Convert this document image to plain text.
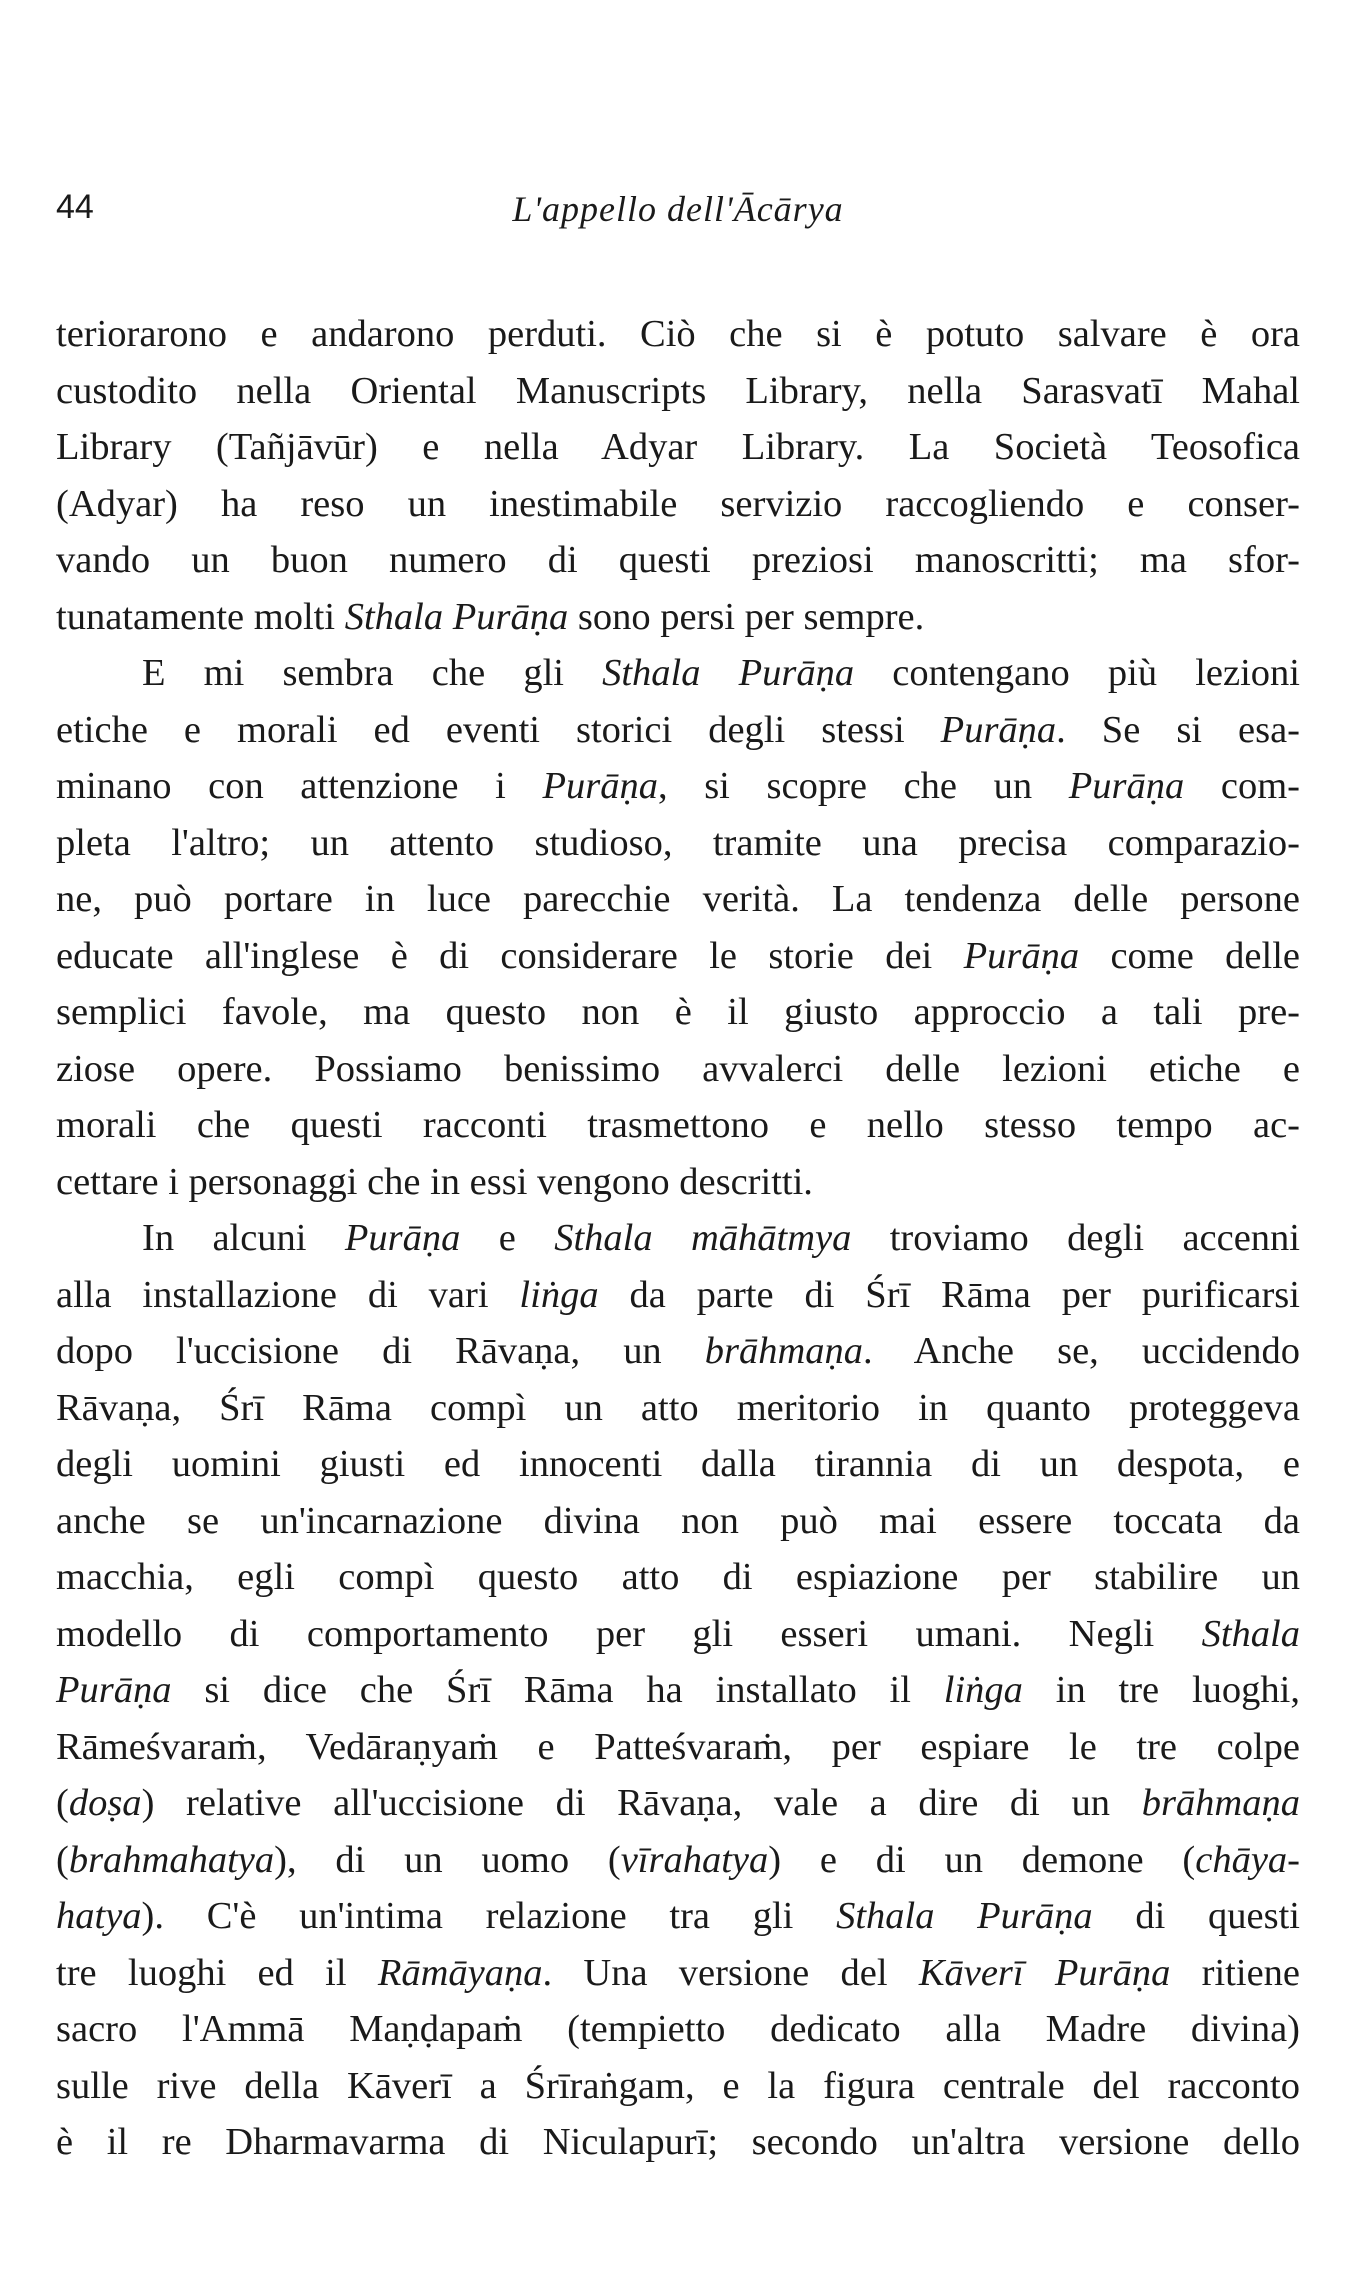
44	L'appello dell'Ācārya

teriorarono e andarono perduti. Ciò che si è potuto salvare è ora
custodito nella Oriental Manuscripts Library, nella Sarasvatī Mahal
Library (Tañjāvūr) e nella Adyar Library. La Società Teosofica
(Adyar) ha reso un inestimabile servizio raccogliendo e conser-
vando un buon numero di questi preziosi manoscritti; ma sfor-
tunatamente molti Sthala Purāṇa sono persi per sempre.

E mi sembra che gli Sthala Purāṇa contengano più lezioni
etiche e morali ed eventi storici degli stessi Purāṇa. Se si esa-
minano con attenzione i Purāṇa, si scopre che un Purāṇa com-
pleta l'altro; un attento studioso, tramite una precisa comparazio-
ne, può portare in luce parecchie verità. La tendenza delle persone
educate all'inglese è di considerare le storie dei Purāṇa come delle
semplici favole, ma questo non è il giusto approccio a tali pre-
ziose opere. Possiamo benissimo avvalerci delle lezioni etiche e
morali che questi racconti trasmettono e nello stesso tempo ac-
cettare i personaggi che in essi vengono descritti.

In alcuni Purāṇa e Sthala māhātmya troviamo degli accenni
alla installazione di vari liṅga da parte di Śrī Rāma per purificarsi
dopo l'uccisione di Rāvaṇa, un brāhmaṇa. Anche se, uccidendo
Rāvaṇa, Śrī Rāma compì un atto meritorio in quanto proteggeva
degli uomini giusti ed innocenti dalla tirannia di un despota, e
anche se un'incarnazione divina non può mai essere toccata da
macchia, egli compì questo atto di espiazione per stabilire un
modello di comportamento per gli esseri umani. Negli Sthala
Purāṇa si dice che Śrī Rāma ha installato il liṅga in tre luoghi,
Rāmeśvaraṁ, Vedāraṇyaṁ e Patteśvaraṁ, per espiare le tre colpe
(doṣa) relative all'uccisione di Rāvaṇa, vale a dire di un brāhmaṇa
(brahmahatya), di un uomo (vīrahatya) e di un demone (chāya-
hatya). C'è un'intima relazione tra gli Sthala Purāṇa di questi
tre luoghi ed il Rāmāyaṇa. Una versione del Kāverī Purāṇa ritiene
sacro l'Ammā Maṇḍapaṁ (tempietto dedicato alla Madre divina)
sulle rive della Kāverī a Śrīraṅgam, e la figura centrale del racconto
è il re Dharmavarma di Niculapurī; secondo un'altra versione dello
